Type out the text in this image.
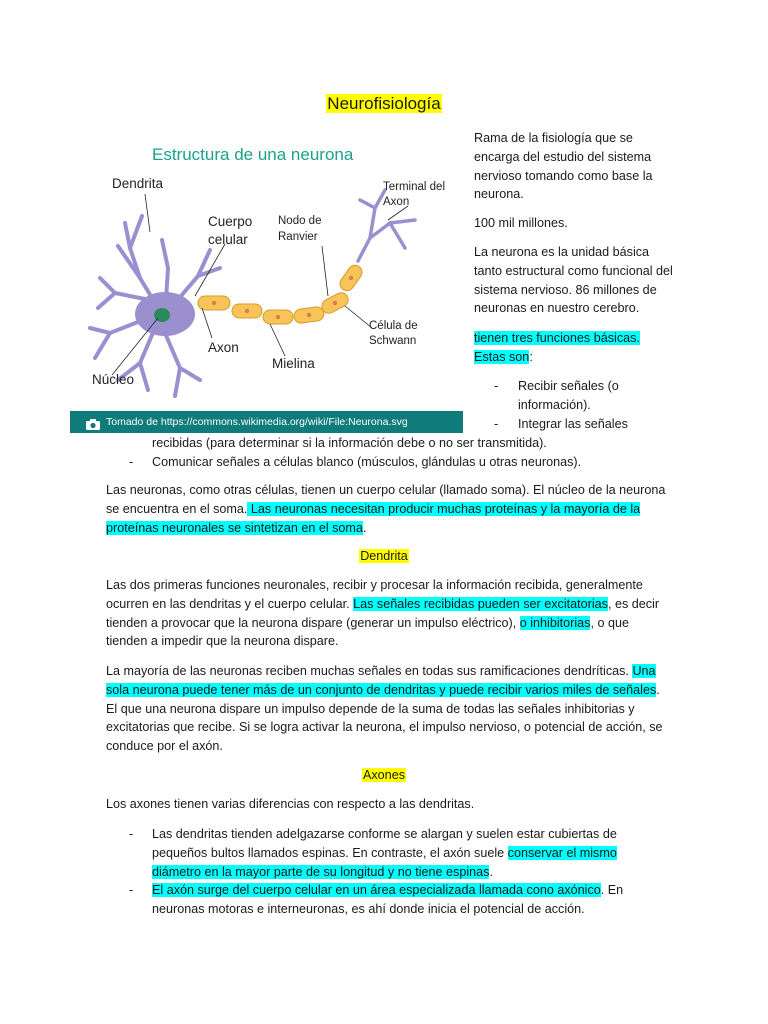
Neurofisiología
Estructura de una neurona
Dendrita
Cuerpo
celular
Axon
Núcleo
Mielina
Nodo de
Ranvier
Terminal del
Axon
Célula de
Schwann
Tomado de https://commons.wikimedia.org/wiki/File:Neurona.svg

Rama de la fisiología que se encarga del estudio del sistema nervioso tomando como base la neurona.

100 mil millones.

La neurona es la unidad básica tanto estructural como funcional del sistema nervioso. 86 millones de neuronas en nuestro cerebro.

tienen tres funciones básicas. Estas son:

- Recibir señales (o información).
- Integrar las señales
recibidas (para determinar si la información debe o no ser transmitida).
- Comunicar señales a células blanco (músculos, glándulas u otras neuronas).

Las neuronas, como otras células, tienen un cuerpo celular (llamado soma). El núcleo de la neurona se encuentra en el soma. Las neuronas necesitan producir muchas proteínas y la mayoría de la proteínas neuronales se sintetizan en el soma.

Dendrita

Las dos primeras funciones neuronales, recibir y procesar la información recibida, generalmente ocurren en las dendritas y el cuerpo celular. Las señales recibidas pueden ser excitatorias, es decir tienden a provocar que la neurona dispare (generar un impulso eléctrico), o inhibitorias, o que tienden a impedir que la neurona dispare.

La mayoría de las neuronas reciben muchas señales en todas sus ramificaciones dendríticas. Una sola neurona puede tener más de un conjunto de dendritas y puede recibir varios miles de señales. El que una neurona dispare un impulso depende de la suma de todas las señales inhibitorias y excitatorias que recibe. Si se logra activar la neurona, el impulso nervioso, o potencial de acción, se conduce por el axón.

Axones

Los axones tienen varias diferencias con respecto a las dendritas.

- Las dendritas tienden adelgazarse conforme se alargan y suelen estar cubiertas de pequeños bultos llamados espinas. En contraste, el axón suele conservar el mismo diámetro en la mayor parte de su longitud y no tiene espinas.
- El axón surge del cuerpo celular en un área especializada llamada cono axónico. En neuronas motoras e interneuronas, es ahí donde inicia el potencial de acción.
